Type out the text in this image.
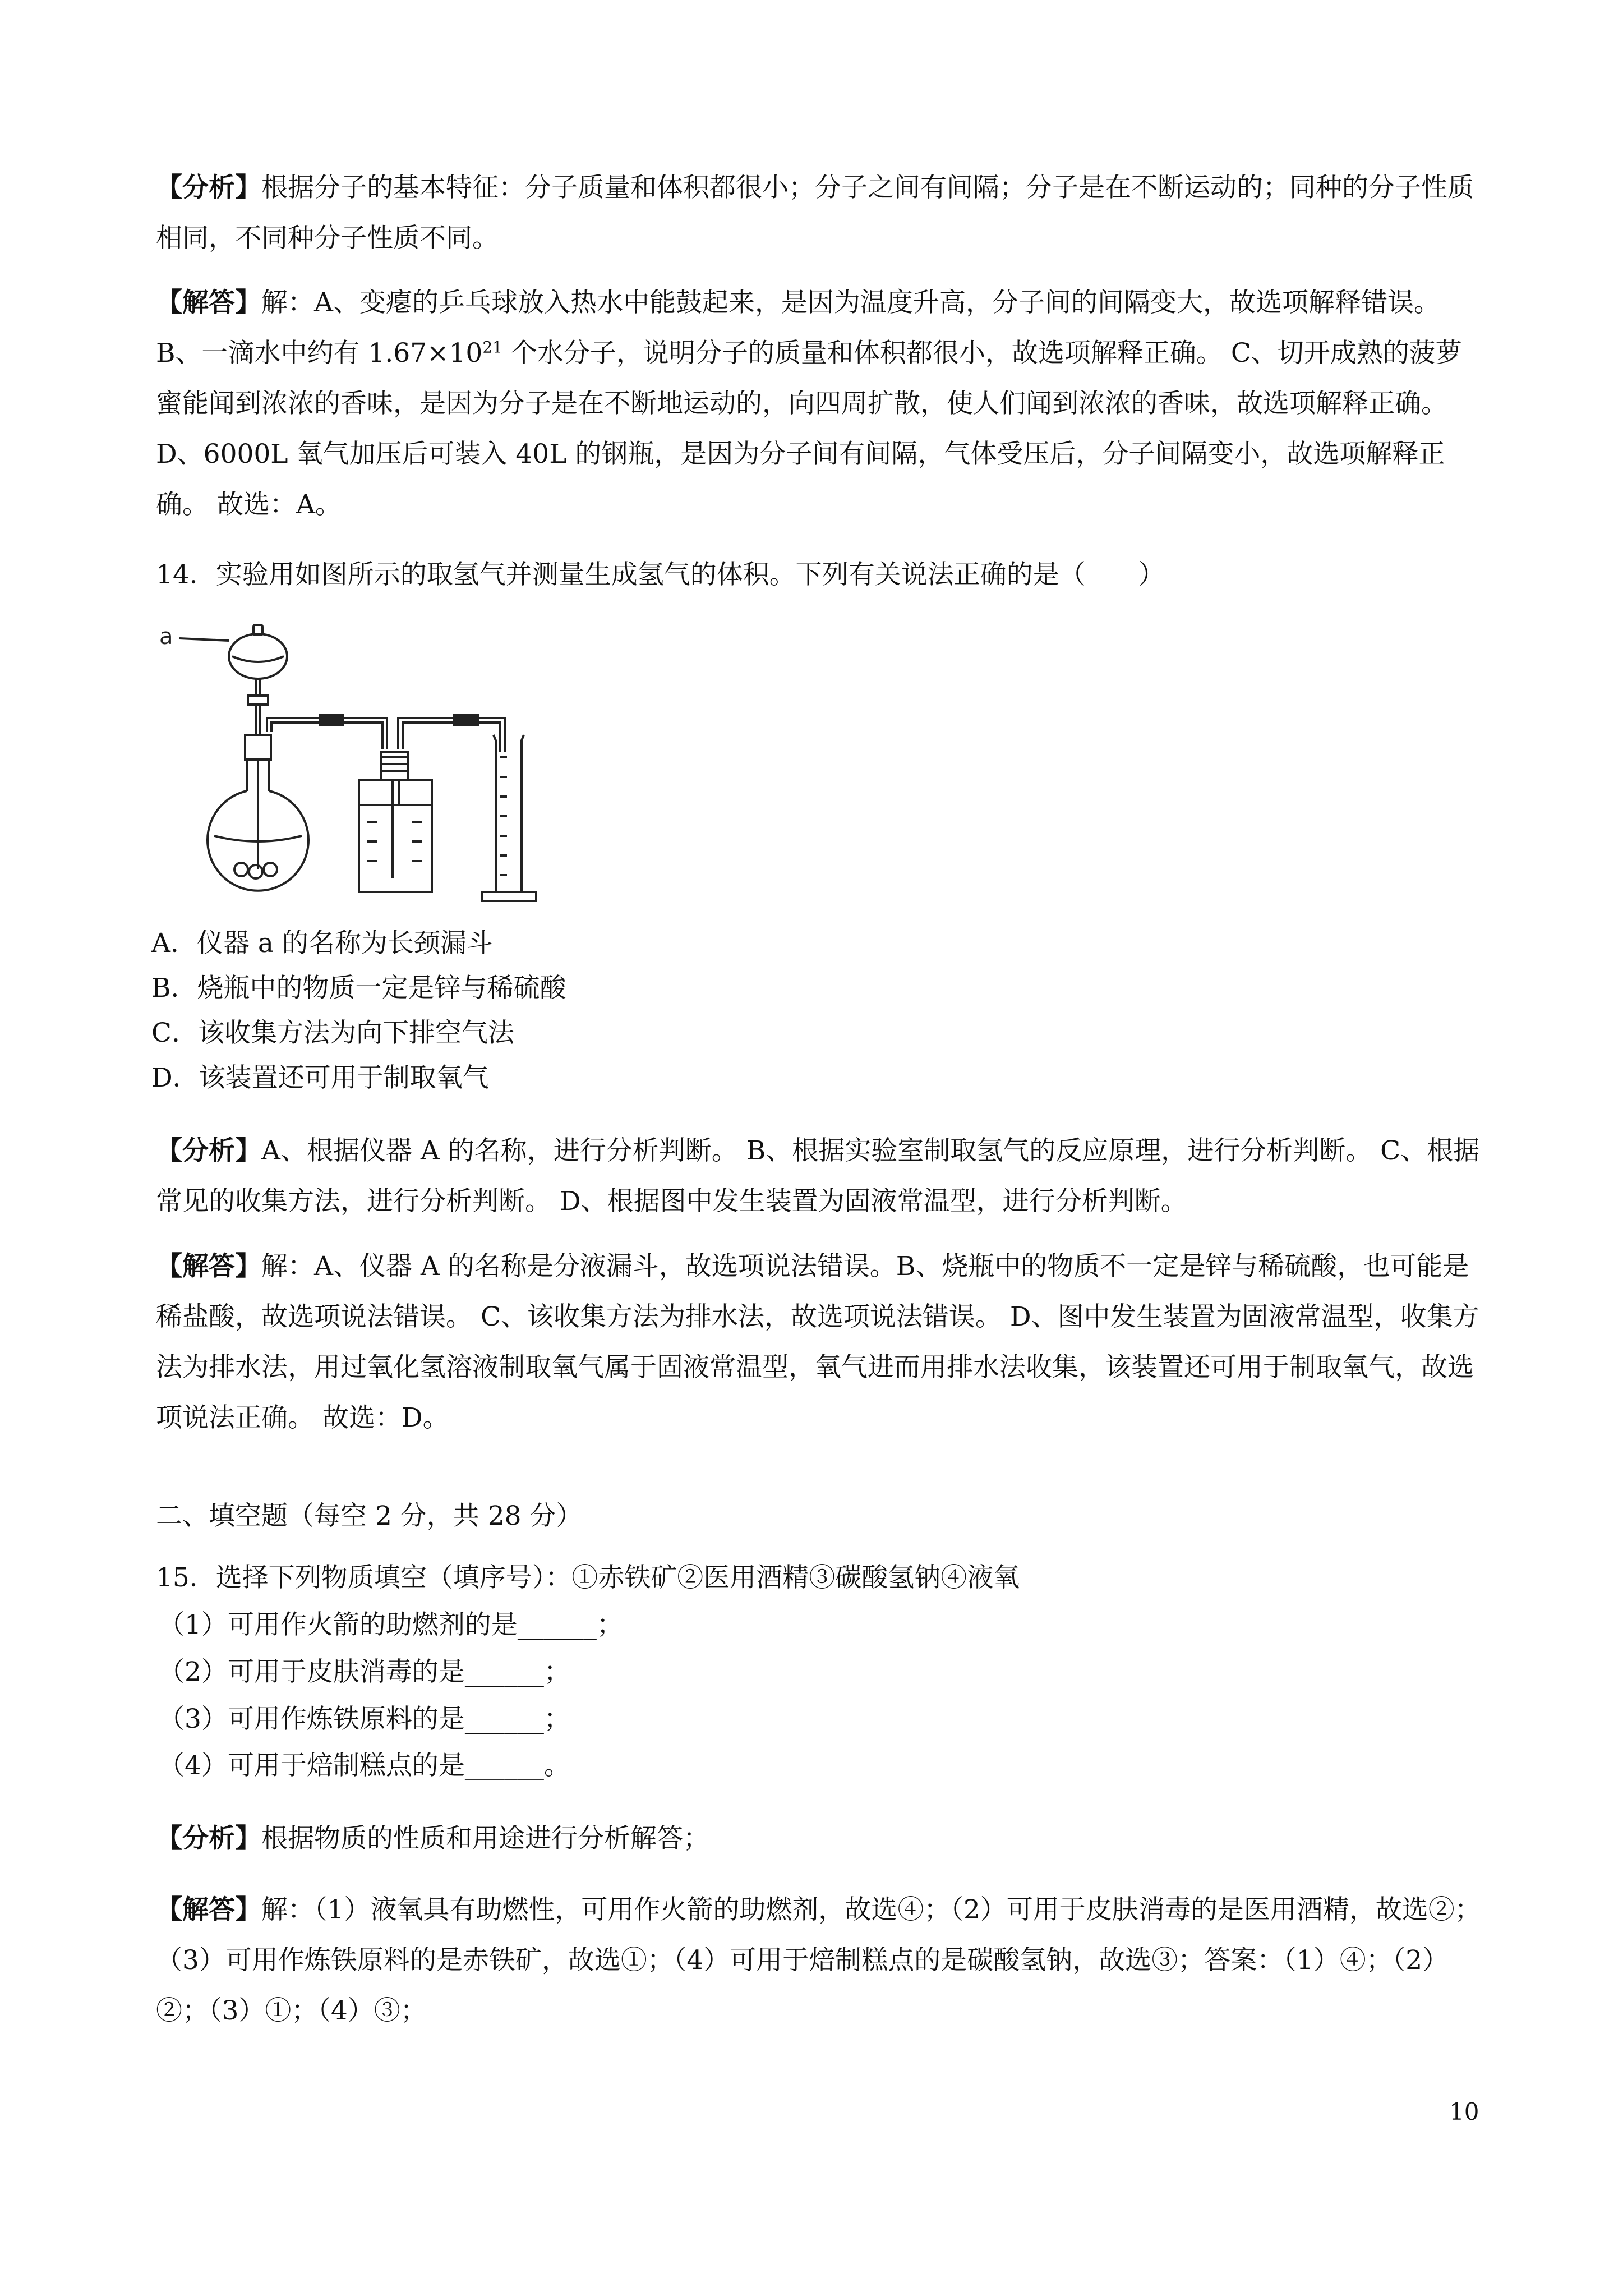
【分析】根据分子的基本特征：分子质量和体积都很小；分子之间有间隔；分子是在不断运动的；同种的分子性质相同，不同种分子性质不同。

【解答】解：A、变瘪的乒乓球放入热水中能鼓起来，是因为温度升高，分子间的间隔变大，故选项解释错误。 B、一滴水中约有 $1.67\times 10^{21}$ 个水分子，说明分子的质量和体积都很小，故选项解释正确。 C、切开成熟的菠萝蜜能闻到浓浓的香味，是因为分子是在不断地运动的，向四周扩散，使人们闻到浓浓的香味，故选项解释正确。 D、6000L 氧气加压后可装入 40L 的钢瓶，是因为分子间有间隔，气体受压后，分子间隔变小，故选项解释正确。 故选：A。

14．实验用如图所示的取氢气并测量生成氢气的体积。下列有关说法正确的是（　　）
a
A．仪器 a 的名称为长颈漏斗
B．烧瓶中的物质一定是锌与稀硫酸
C．该收集方法为向下排空气法
D．该装置还可用于制取氧气

【分析】A、根据仪器 A 的名称，进行分析判断。 B、根据实验室制取氢气的反应原理，进行分析判断。 C、根据常见的收集方法，进行分析判断。 D、根据图中发生装置为固液常温型，进行分析判断。

【解答】解：A、仪器 A 的名称是分液漏斗，故选项说法错误。B、烧瓶中的物质不一定是锌与稀硫酸，也可能是稀盐酸，故选项说法错误。 C、该收集方法为排水法，故选项说法错误。 D、图中发生装置为固液常温型，收集方法为排水法，用过氧化氢溶液制取氧气属于固液常温型，氧气进而用排水法收集，该装置还可用于制取氧气，故选项说法正确。 故选：D。

二、填空题（每空 2 分，共 28 分）
15．选择下列物质填空（填序号）：①赤铁矿②医用酒精③碳酸氢钠④液氧
（1）可用作火箭的助燃剂的是______；
（2）可用于皮肤消毒的是______；
（3）可用作炼铁原料的是______；
（4）可用于焙制糕点的是______。

【分析】根据物质的性质和用途进行分析解答；

【解答】解：（1）液氧具有助燃性，可用作火箭的助燃剂，故选④；（2）可用于皮肤消毒的是医用酒精，故选②；（3）可用作炼铁原料的是赤铁矿，故选①；（4）可用于焙制糕点的是碳酸氢钠，故选③；答案：（1）④；（2）②；（3）①；（4）③；

10
